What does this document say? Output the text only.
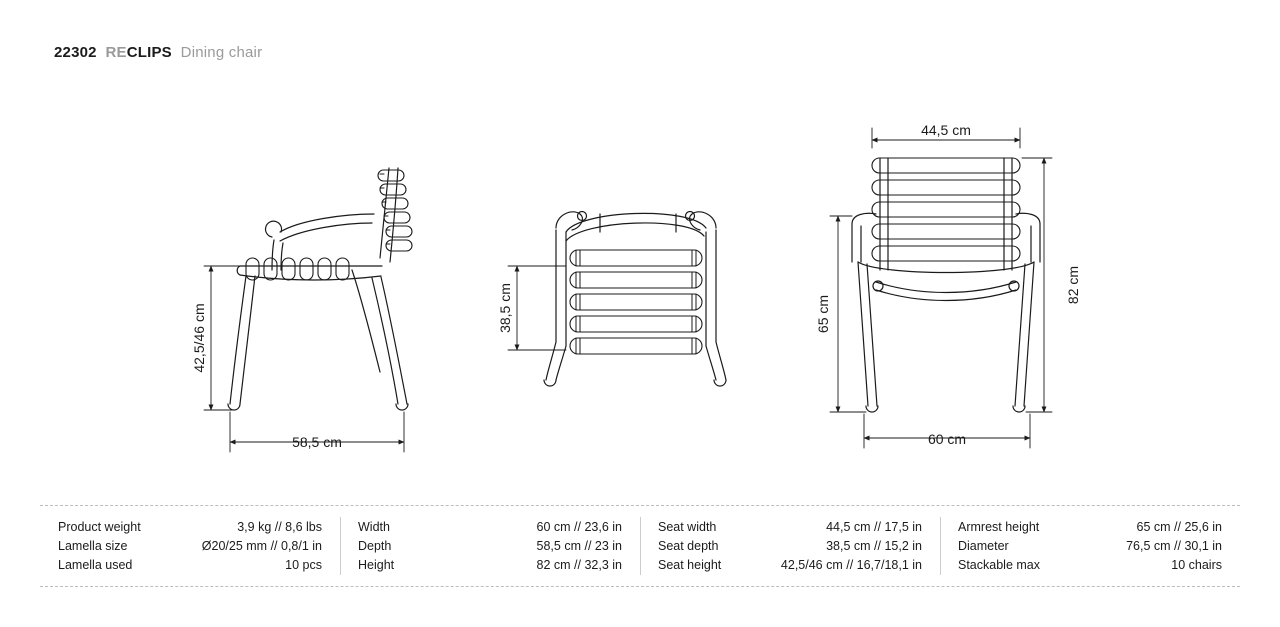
22302 RECLIPS Dining chair
42,5/46 cm
58,5 cm
38,5 cm
44,5 cm
65 cm
82 cm
60 cm
Product weight	3,9 kg // 8,6 lbs
Lamella size	Ø20/25 mm // 0,8/1 in
Lamella used	10 pcs
Width	60 cm // 23,6 in
Depth	58,5 cm // 23 in
Height	82 cm // 32,3 in
Seat width	44,5 cm // 17,5 in
Seat depth	38,5 cm // 15,2 in
Seat height	42,5/46 cm // 16,7/18,1 in
Armrest height	65 cm // 25,6 in
Diameter	76,5 cm // 30,1 in
Stackable max	10 chairs
